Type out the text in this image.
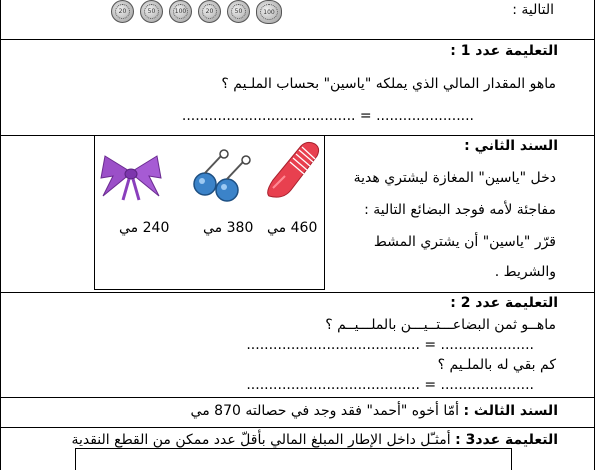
20	50	100	20	50	100	التالية :
التعليمة عدد 1 :
ماهو المقدار المالي الذي يملكه "ياسين" بحساب الملـيم ؟
...................... = .......................................
السند الثاني :
دخل "ياسين" المغازة ليشتري هدية
مفاجئة لأمه فوجد البضائع التالية :
قرّر "ياسين" أن يشتري المشط
والشريط .
240 مي 380 مي 460 مي
التعليمة عدد 2 :
ماهــو ثمن البضاعـــتــيـــن بالملـــيــم ؟
..................... = .......................................
كم بقي له بالملـيم ؟
..................... = .......................................
السند الثالث : أمّا أخوه "أحمد" فقد وجد في حصالته 870 مي
التعليمة عدد3 : أمثـّل داخل الإطار المبلغ المالي بأقلّ عدد ممكن من القطع النقدية
